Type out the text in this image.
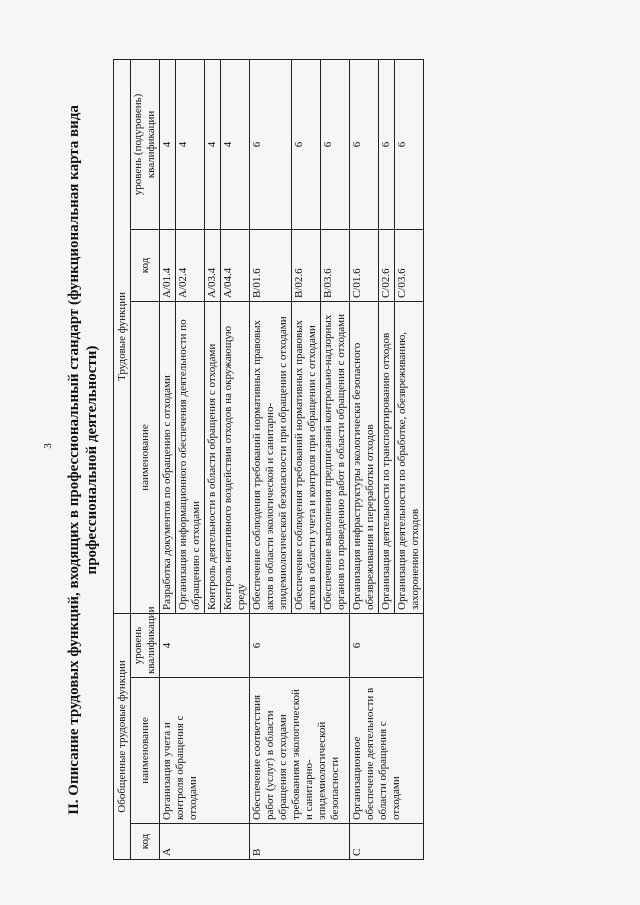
3 II. Описание трудовых функций, входящих в профессиональный стандарт (функциональная карта вида профессиональной деятельности)
Обобщенные трудовые функции			Трудовые функции		
код	наименование	уровень квалификации	наименование	код	уровень (подуровень) квалификации
A	Организация учета и контроля обращения с отходами	4	Разработка документов по обращению с отходами	A/01.4	4
			Организация информационного обеспечения деятельности по обращению с отходами	A/02.4	4
			Контроль деятельности в области обращения с отходами	A/03.4	4
			Контроль негативного воздействия отходов на окружающую среду	A/04.4	4
B	Обеспечение соответствия работ (услуг) в области обращения с отходами требованиям экологической и санитарно-эпидемиологической безопасности	6	Обеспечение соблюдения требований нормативных правовых актов в области экологической и санитарно-эпидемиологической безопасности при обращении с отходами	B/01.6	6
			Обеспечение соблюдения требований нормативных правовых актов в области учета и контроля при обращении с отходами	B/02.6	6
			Обеспечение выполнения предписаний контрольно-надзорных органов по проведению работ в области обращения с отходами	B/03.6	6
C	Организационное обеспечение деятельности в области обращения с отходами	6	Организация инфраструктуры экологически безопасного обезвреживания и переработки отходов	C/01.6	6
			Организация деятельности по транспортированию отходов	C/02.6	6
			Организация деятельности по обработке, обезвреживанию, захоронению отходов	C/03.6	6
